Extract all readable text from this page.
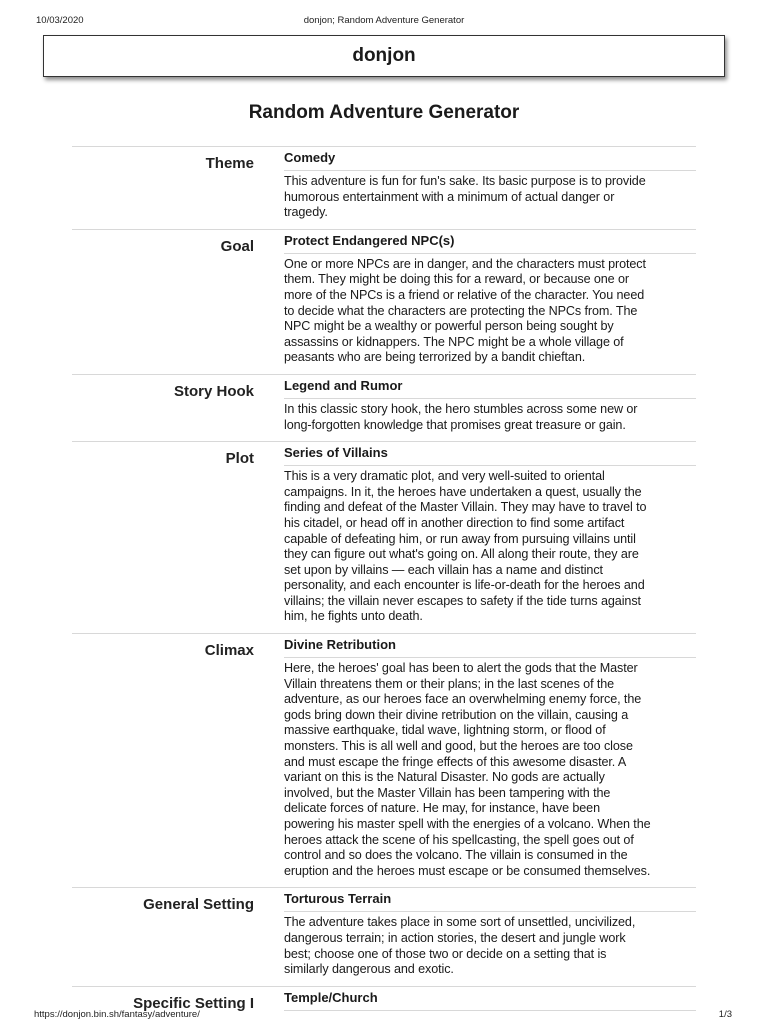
10/03/2020	donjon; Random Adventure Generator
donjon
Random Adventure Generator
Theme Comedy
This adventure is fun for fun's sake. Its basic purpose is to provide
humorous entertainment with a minimum of actual danger or
tragedy.
Goal Protect Endangered NPC(s)
One or more NPCs are in danger, and the characters must protect
them. They might be doing this for a reward, or because one or
more of the NPCs is a friend or relative of the character. You need
to decide what the characters are protecting the NPCs from. The
NPC might be a wealthy or powerful person being sought by
assassins or kidnappers. The NPC might be a whole village of
peasants who are being terrorized by a bandit chieftan.
Story Hook Legend and Rumor
In this classic story hook, the hero stumbles across some new or
long-forgotten knowledge that promises great treasure or gain.
Plot Series of Villains
This is a very dramatic plot, and very well-suited to oriental
campaigns. In it, the heroes have undertaken a quest, usually the
finding and defeat of the Master Villain. They may have to travel to
his citadel, or head off in another direction to find some artifact
capable of defeating him, or run away from pursuing villains until
they can figure out what's going on. All along their route, they are
set upon by villains — each villain has a name and distinct
personality, and each encounter is life-or-death for the heroes and
villains; the villain never escapes to safety if the tide turns against
him, he fights unto death.
Climax Divine Retribution
Here, the heroes' goal has been to alert the gods that the Master
Villain threatens them or their plans; in the last scenes of the
adventure, as our heroes face an overwhelming enemy force, the
gods bring down their divine retribution on the villain, causing a
massive earthquake, tidal wave, lightning storm, or flood of
monsters. This is all well and good, but the heroes are too close
and must escape the fringe effects of this awesome disaster. A
variant on this is the Natural Disaster. No gods are actually
involved, but the Master Villain has been tampering with the
delicate forces of nature. He may, for instance, have been
powering his master spell with the energies of a volcano. When the
heroes attack the scene of his spellcasting, the spell goes out of
control and so does the volcano. The villain is consumed in the
eruption and the heroes must escape or be consumed themselves.
General Setting Torturous Terrain
The adventure takes place in some sort of unsettled, uncivilized,
dangerous terrain; in action stories, the desert and jungle work
best; choose one of those two or decide on a setting that is
similarly dangerous and exotic.
Specific Setting I Temple/Church
https://donjon.bin.sh/fantasy/adventure/	1/3
